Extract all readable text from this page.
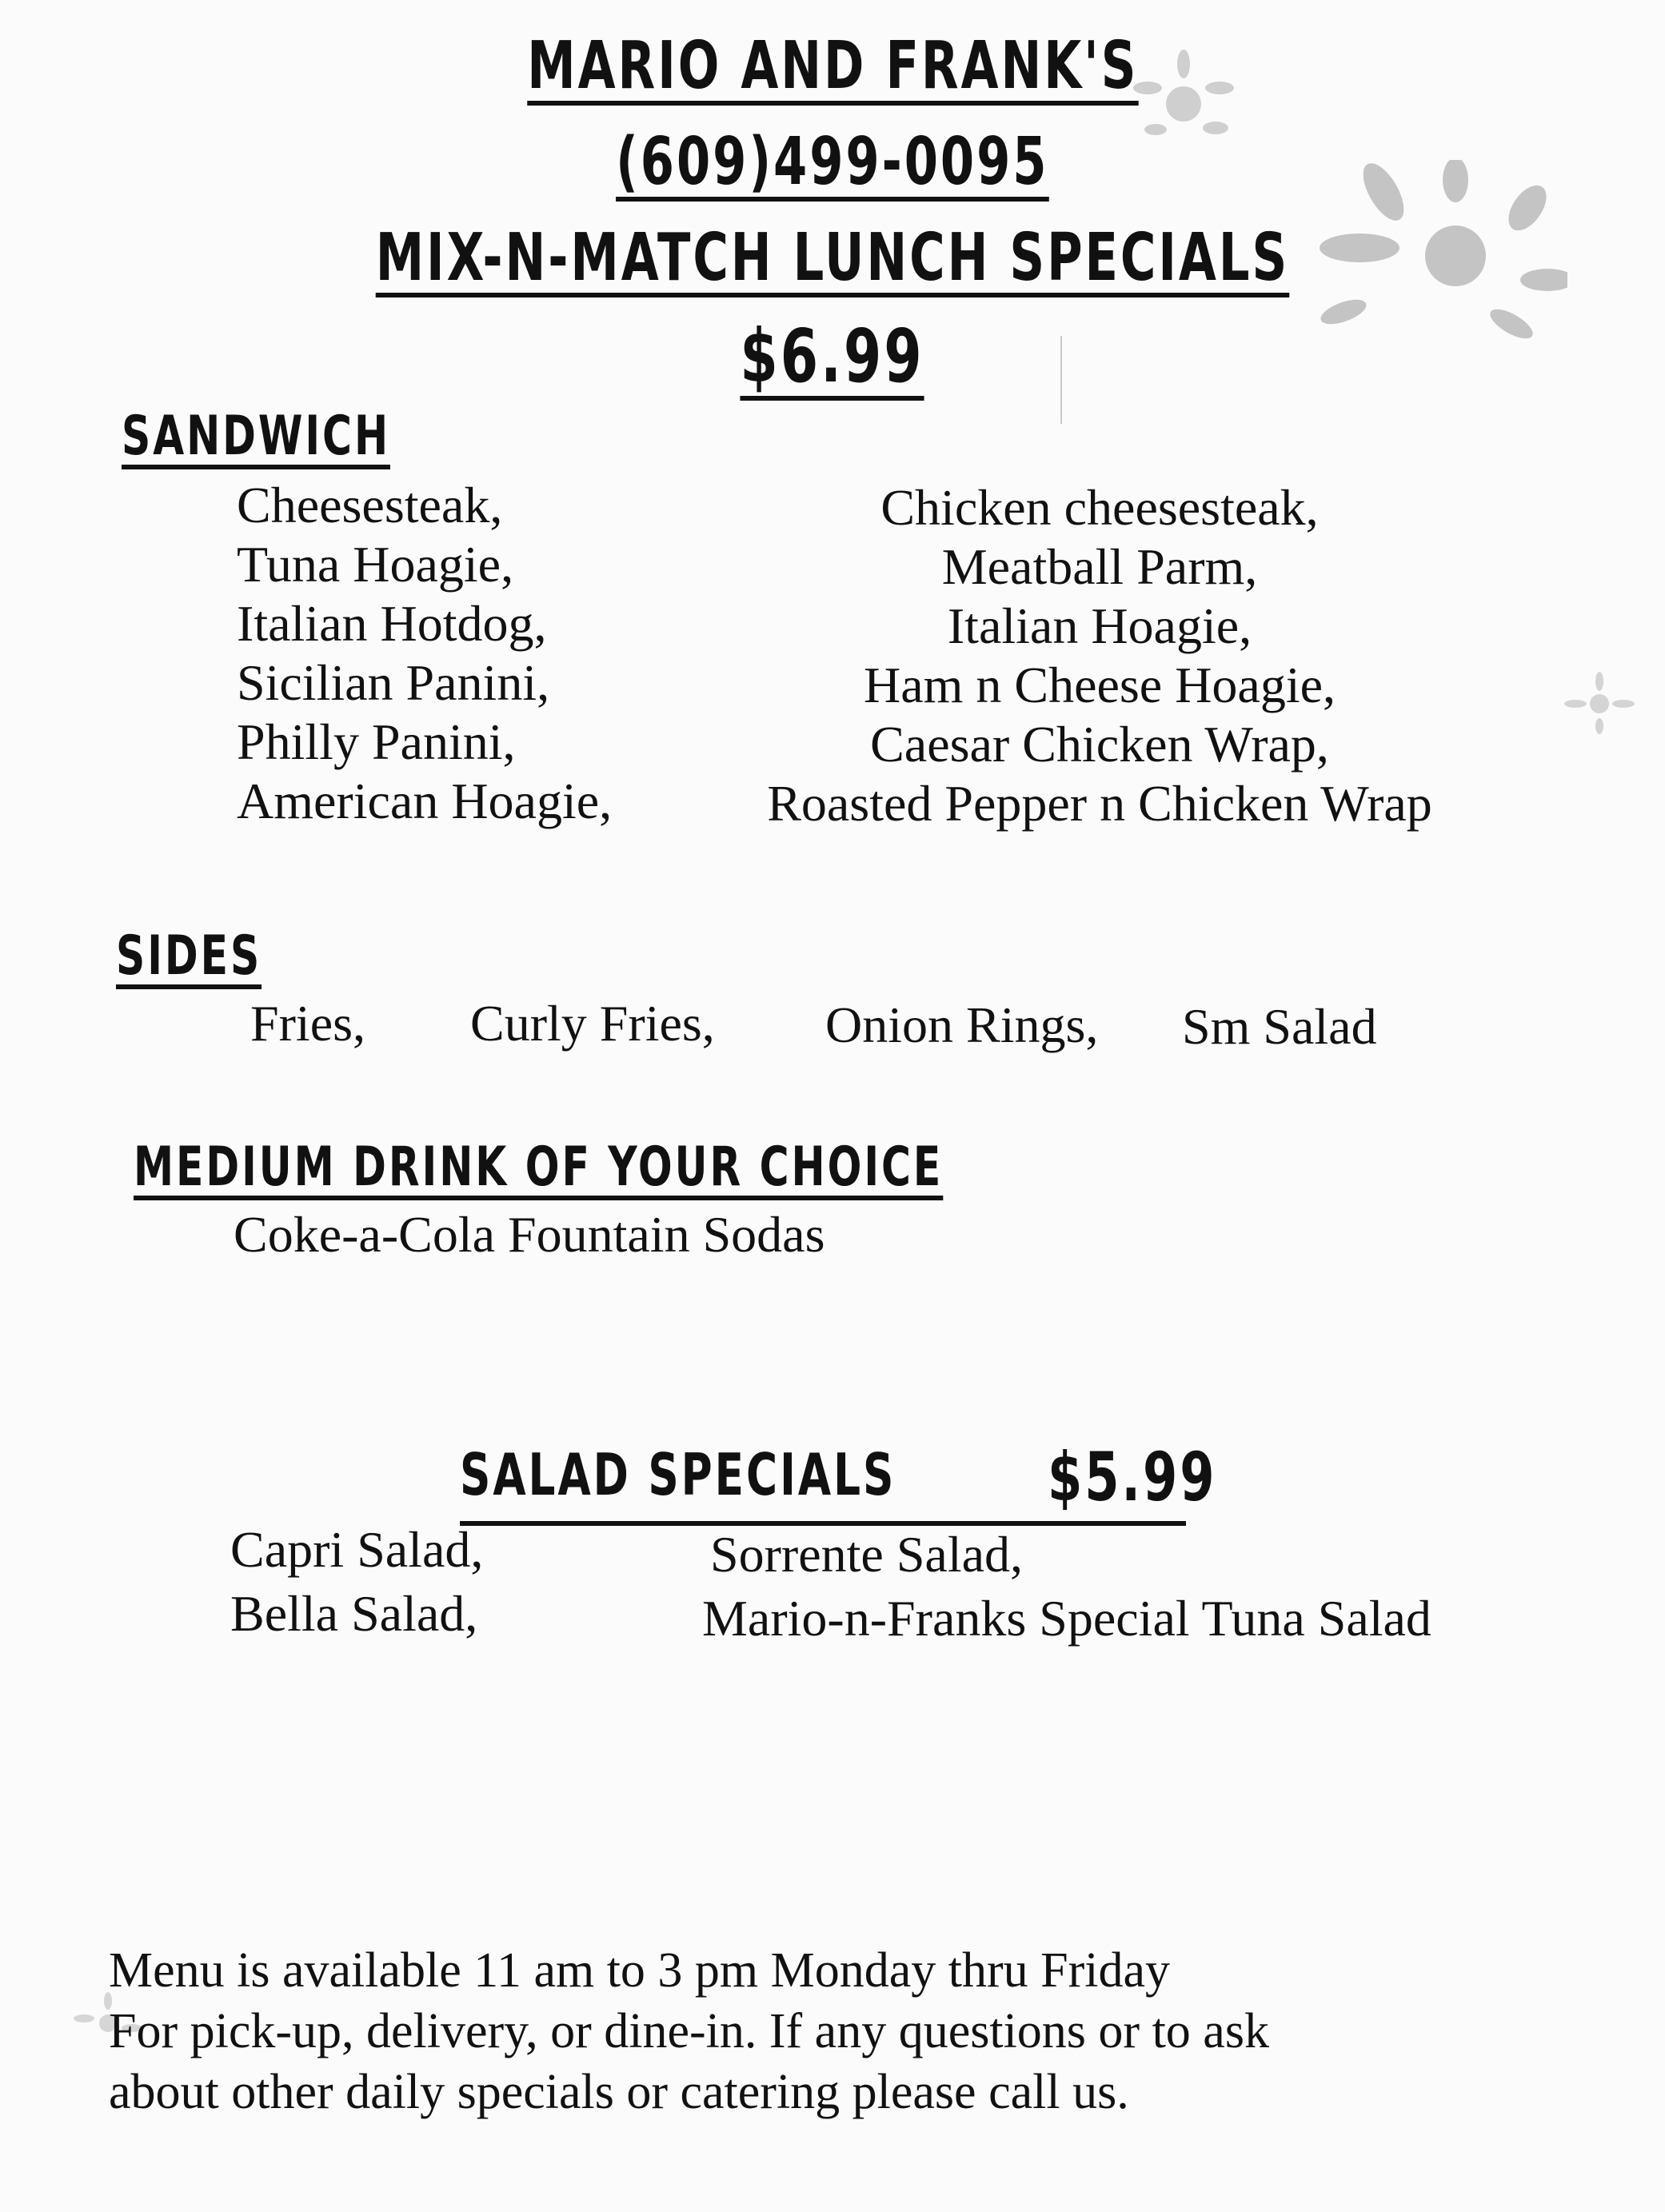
MARIO AND FRANK'S
(609)499-0095
MIX-N-MATCH LUNCH SPECIALS
$6.99
SANDWICH
Cheesesteak,
Tuna Hoagie,
Italian Hotdog,
Sicilian Panini,
Philly Panini,
American Hoagie,
Chicken cheesesteak,
Meatball Parm,
Italian Hoagie,
Ham n Cheese Hoagie,
Caesar Chicken Wrap,
Roasted Pepper n Chicken Wrap
SIDES
Fries, Curly Fries, Onion Rings, Sm Salad
MEDIUM DRINK OF YOUR CHOICE
Coke-a-Cola Fountain Sodas
SALAD SPECIALS $5.99
Capri Salad,
Bella Salad,
Sorrente Salad,
Mario-n-Franks Special Tuna Salad
Menu is available 11 am to 3 pm Monday thru Friday
For pick-up, delivery, or dine-in. If any questions or to ask
about other daily specials or catering please call us.
